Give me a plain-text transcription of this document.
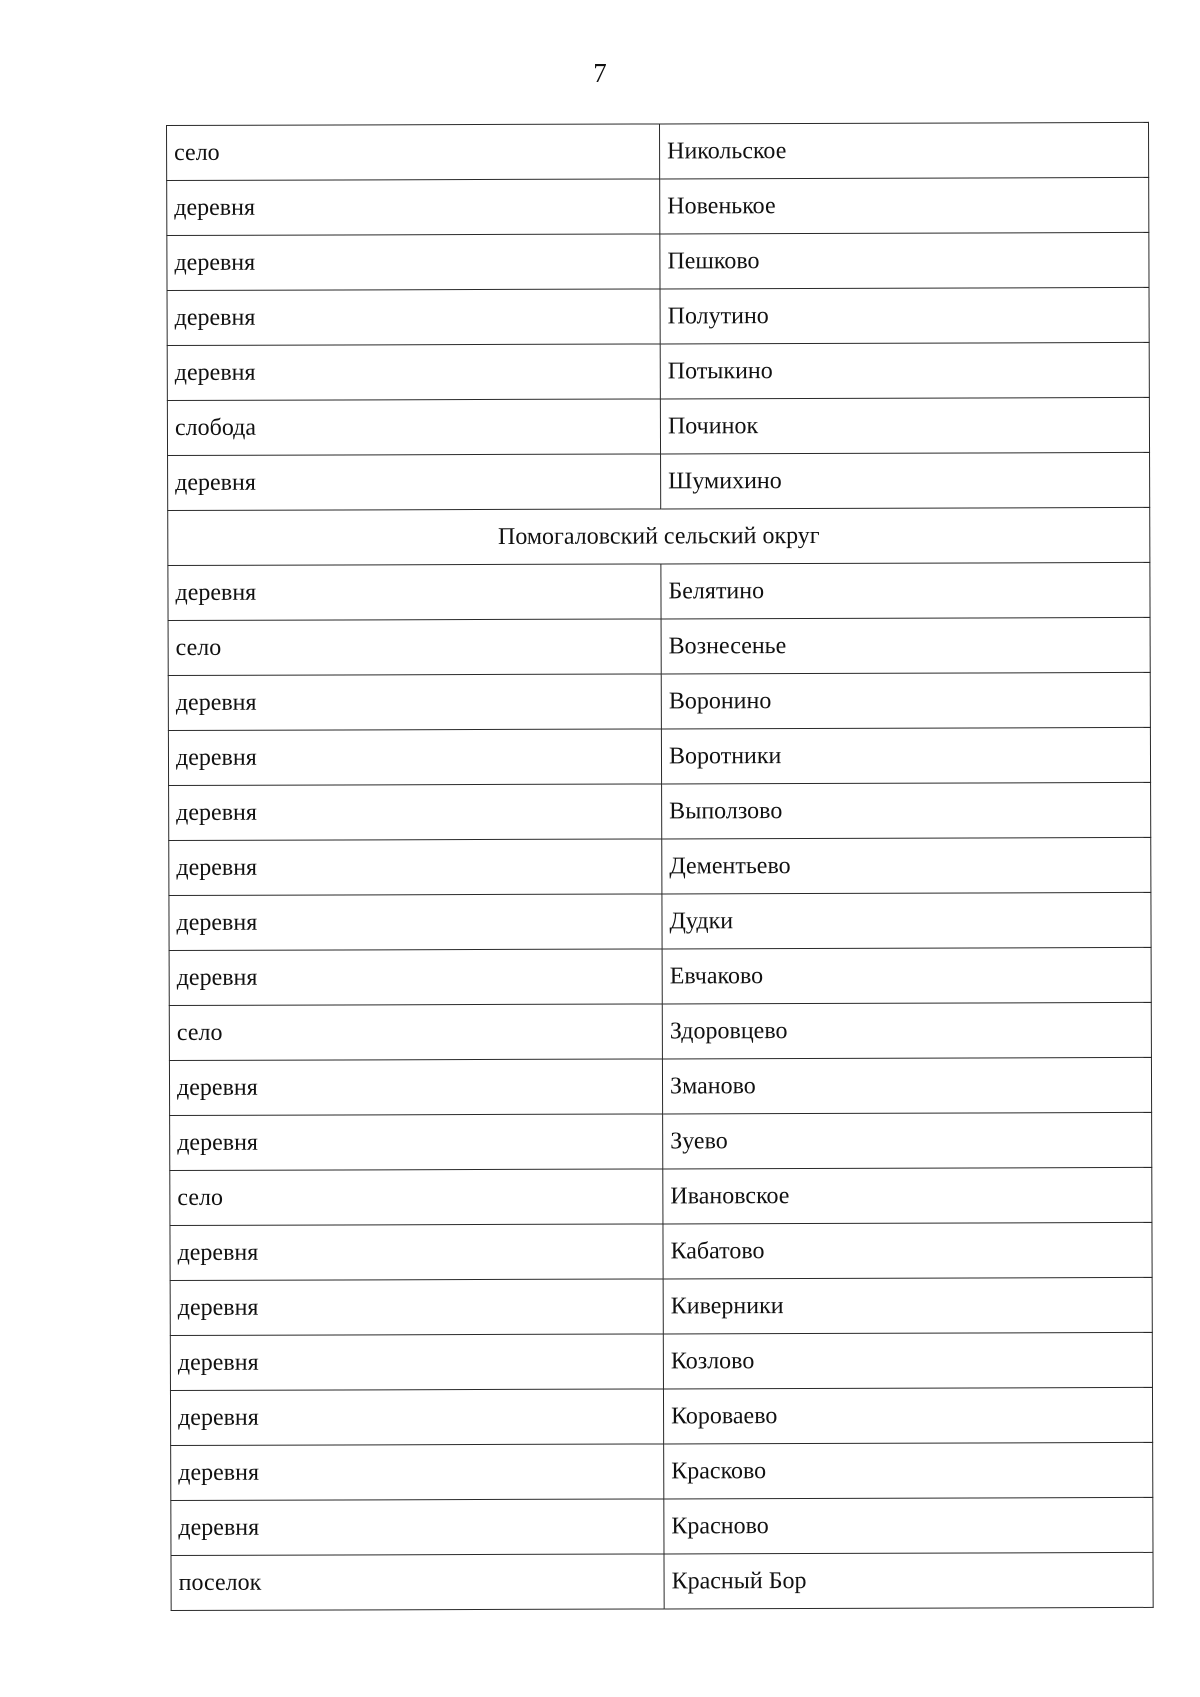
7
село	Никольское
деревня	Новенькое
деревня	Пешково
деревня	Полутино
деревня	Потыкино
слобода	Починок
деревня	Шумихино
Помогаловский сельский округ	
деревня	Белятино
село	Вознесенье
деревня	Воронино
деревня	Воротники
деревня	Выползово
деревня	Дементьево
деревня	Дудки
деревня	Евчаково
село	Здоровцево
деревня	Зманово
деревня	Зуево
село	Ивановское
деревня	Кабатово
деревня	Киверники
деревня	Козлово
деревня	Короваево
деревня	Красково
деревня	Красново
поселок	Красный Бор
